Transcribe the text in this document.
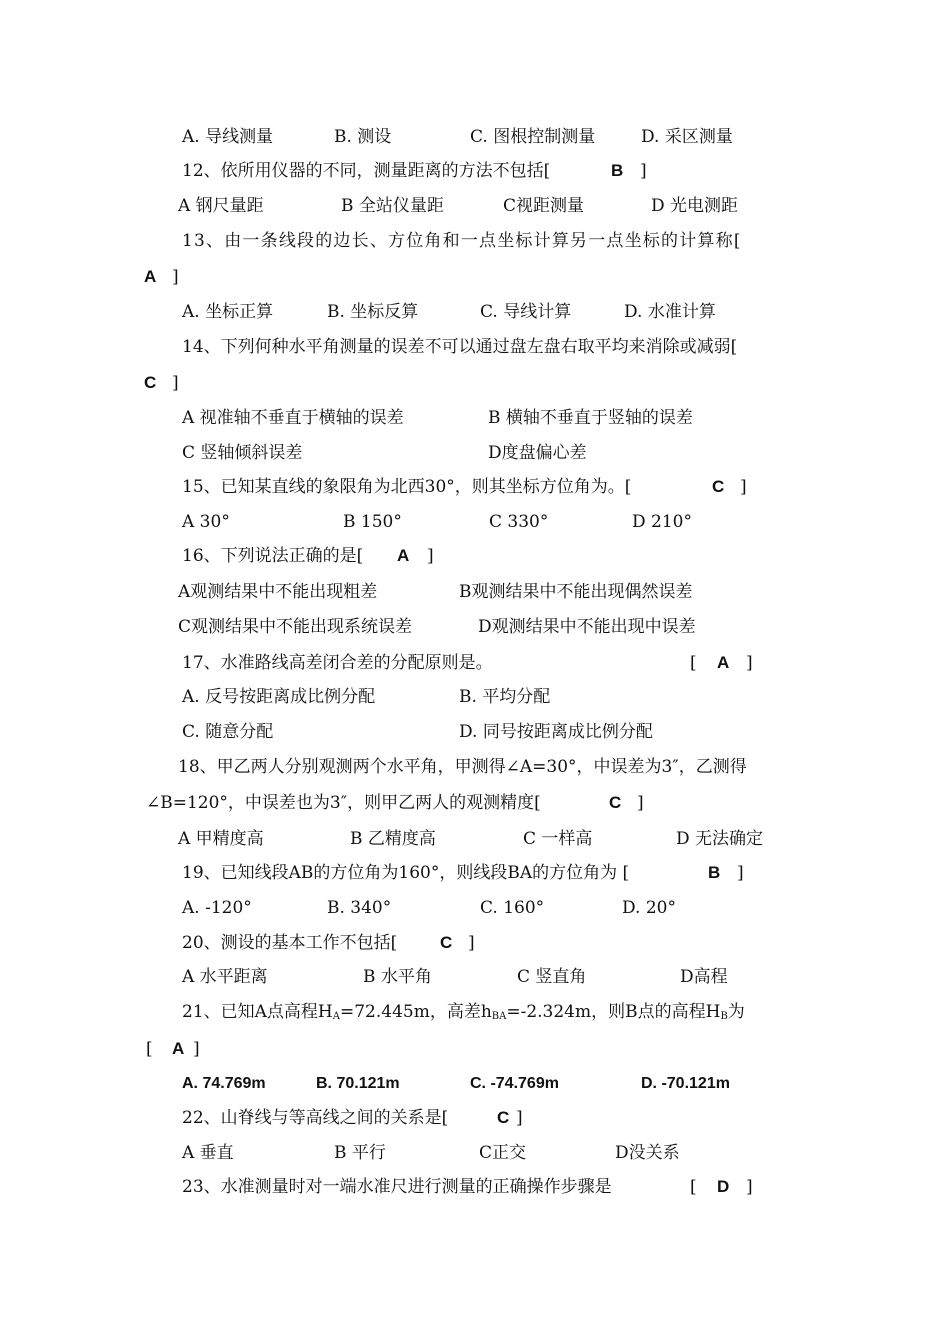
A. 导线测量	B. 测设	C. 图根控制测量	D. 采区测量
12、依所用仪器的不同，测量距离的方法不包括[	B ]
A 钢尺量距	B 全站仪量距	C视距测量	D 光电测距
13、由一条线段的边长、方位角和一点坐标计算另一点坐标的计算称[
A ]
A. 坐标正算	B. 坐标反算	C. 导线计算	D. 水准计算
14、下列何种水平角测量的误差不可以通过盘左盘右取平均来消除或减弱[
C ]
A 视准轴不垂直于横轴的误差	B 横轴不垂直于竖轴的误差
C 竖轴倾斜误差	D度盘偏心差
15、已知某直线的象限角为北西30°，则其坐标方位角为。[	C ]
A 30°	B 150°	C 330°	D 210°
16、下列说法正确的是[ A ]
A观测结果中不能出现粗差	B观测结果中不能出现偶然误差
C观测结果中不能出现系统误差	D观测结果中不能出现中误差
17、水准路线高差闭合差的分配原则是。	[ A ]
A. 反号按距离成比例分配	B. 平均分配
C. 随意分配	D. 同号按距离成比例分配
18、甲乙两人分别观测两个水平角，甲测得∠A=30°，中误差为3″，乙测得
∠B=120°，中误差也为3″，则甲乙两人的观测精度[	C ]
A 甲精度高	B 乙精度高	C 一样高	D 无法确定
19、已知线段AB的方位角为160°，则线段BA的方位角为 [	B ]
A. -120°	B. 340°	C. 160°	D. 20°
20、测设的基本工作不包括[	C ]
A 水平距离	B 水平角	C 竖直角	D高程
21、已知A点高程$H_A=72.445m$，高差$h_{BA}=-2.324m$，则B点的高程$H_B$为
[ A ]
A. 74.769m	B. 70.121m	C. -74.769m	D. -70.121m
22、山脊线与等高线之间的关系是[	C ]
A 垂直	B 平行	C正交	D没关系
23、水准测量时对一端水准尺进行测量的正确操作步骤是	[ D ]
